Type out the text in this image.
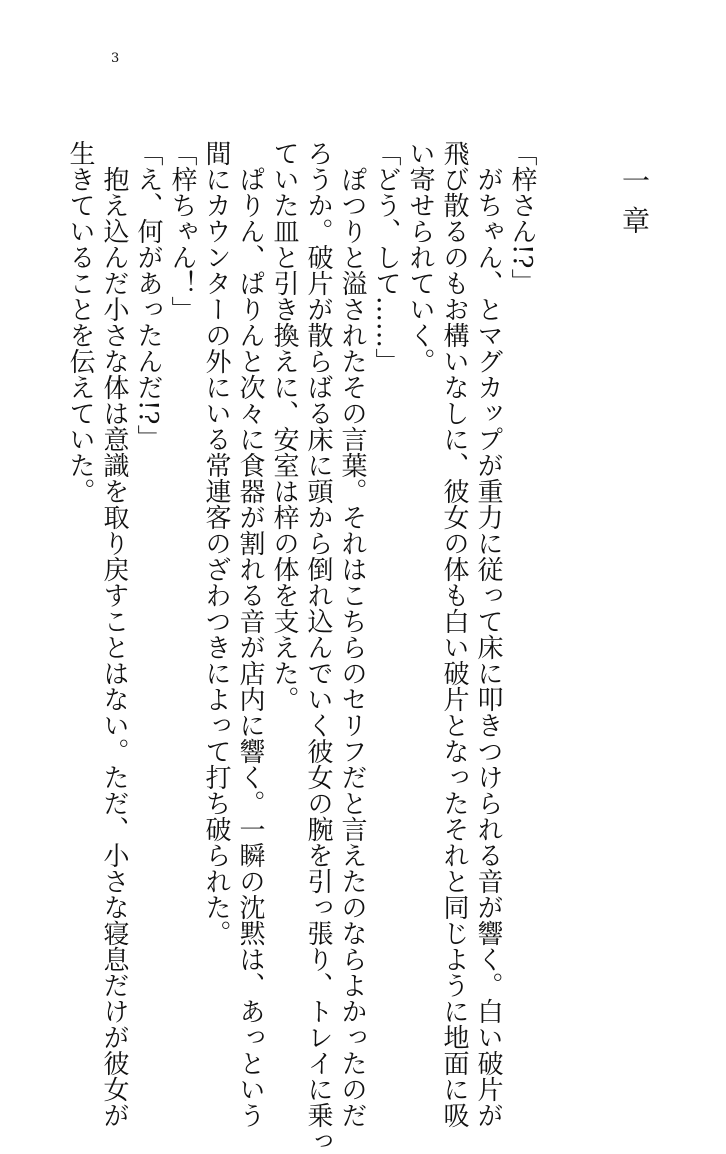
3
一章
「梓さん!?」
　がちゃん、とマグカップが重力に従って床に叩きつけられる音が響く。白い破片が
飛び散るのもお構いなしに、彼女の体も白い破片となったそれと同じように地面に吸
い寄せられていく。
「どう、して……」
　ぽつりと溢されたその言葉。それはこちらのセリフだと言えたのならよかったのだ
ろうか。破片が散らばる床に頭から倒れ込んでいく彼女の腕を引っ張り、トレイに乗っ
ていた皿と引き換えに、安室は梓の体を支えた。
　ぱりん、ぱりんと次々に食器が割れる音が店内に響く。一瞬の沈黙は、あっという
間にカウンターの外にいる常連客のざわつきによって打ち破られた。
「梓ちゃん！」
「え、何があったんだ!?」
　抱え込んだ小さな体は意識を取り戻すことはない。ただ、小さな寝息だけが彼女が
生きていることを伝えていた。
